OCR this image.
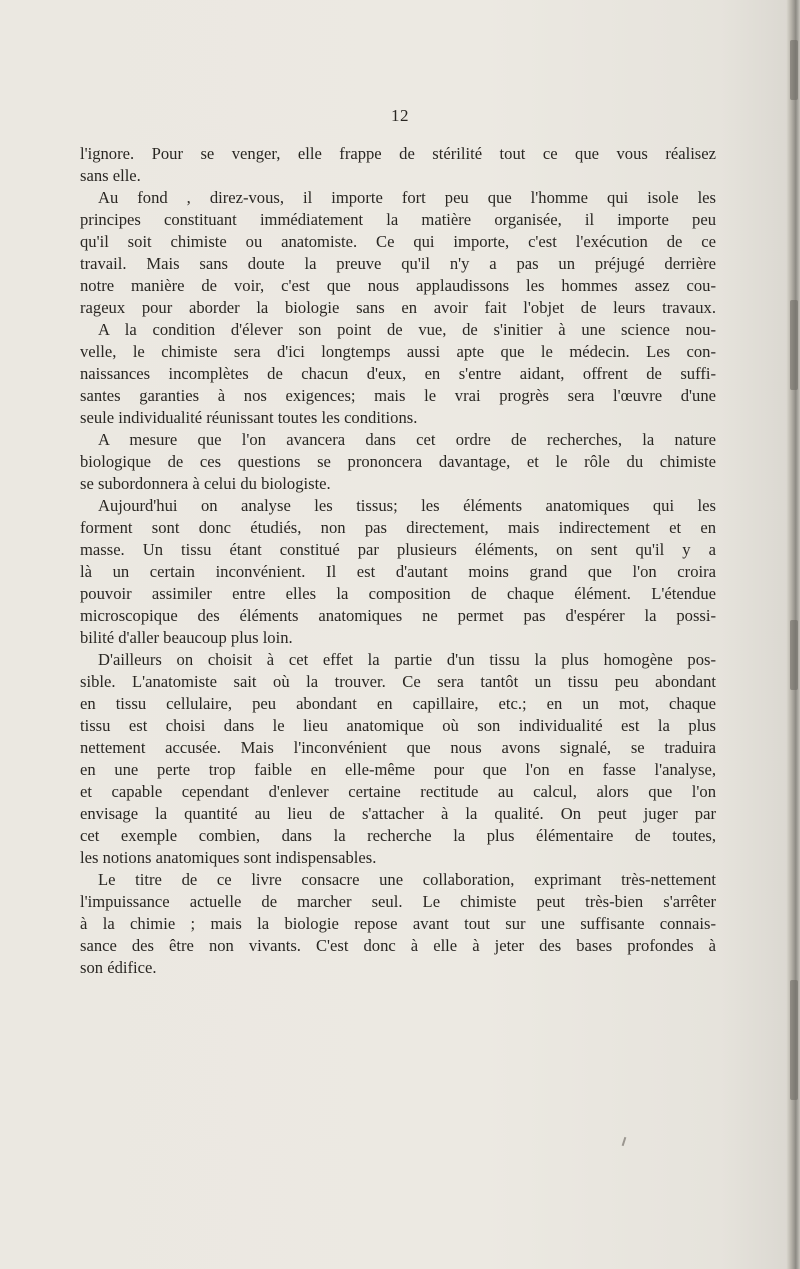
12
l'ignore. Pour se venger, elle frappe de stérilité tout ce que vous réalisez
sans elle.
Au fond , direz-vous, il importe fort peu que l'homme qui isole les
principes constituant immédiatement la matière organisée, il importe peu
qu'il soit chimiste ou anatomiste. Ce qui importe, c'est l'exécution de ce
travail. Mais sans doute la preuve qu'il n'y a pas un préjugé derrière
notre manière de voir, c'est que nous applaudissons les hommes assez cou-
rageux pour aborder la biologie sans en avoir fait l'objet de leurs travaux.
A la condition d'élever son point de vue, de s'initier à une science nou-
velle, le chimiste sera d'ici longtemps aussi apte que le médecin. Les con-
naissances incomplètes de chacun d'eux, en s'entre aidant, offrent de suffi-
santes garanties à nos exigences; mais le vrai progrès sera l'œuvre d'une
seule individualité réunissant toutes les conditions.
A mesure que l'on avancera dans cet ordre de recherches, la nature
biologique de ces questions se prononcera davantage, et le rôle du chimiste
se subordonnera à celui du biologiste.
Aujourd'hui on analyse les tissus; les éléments anatomiques qui les
forment sont donc étudiés, non pas directement, mais indirectement et en
masse. Un tissu étant constitué par plusieurs éléments, on sent qu'il y a
là un certain inconvénient. Il est d'autant moins grand que l'on croira
pouvoir assimiler entre elles la composition de chaque élément. L'étendue
microscopique des éléments anatomiques ne permet pas d'espérer la possi-
bilité d'aller beaucoup plus loin.
D'ailleurs on choisit à cet effet la partie d'un tissu la plus homogène pos-
sible. L'anatomiste sait où la trouver. Ce sera tantôt un tissu peu abondant
en tissu cellulaire, peu abondant en capillaire, etc.; en un mot, chaque
tissu est choisi dans le lieu anatomique où son individualité est la plus
nettement accusée. Mais l'inconvénient que nous avons signalé, se traduira
en une perte trop faible en elle-même pour que l'on en fasse l'analyse,
et capable cependant d'enlever certaine rectitude au calcul, alors que l'on
envisage la quantité au lieu de s'attacher à la qualité. On peut juger par
cet exemple combien, dans la recherche la plus élémentaire de toutes,
les notions anatomiques sont indispensables.
Le titre de ce livre consacre une collaboration, exprimant très-nettement
l'impuissance actuelle de marcher seul. Le chimiste peut très-bien s'arrêter
à la chimie ; mais la biologie repose avant tout sur une suffisante connais-
sance des être non vivants. C'est donc à elle à jeter des bases profondes à
son édifice.
